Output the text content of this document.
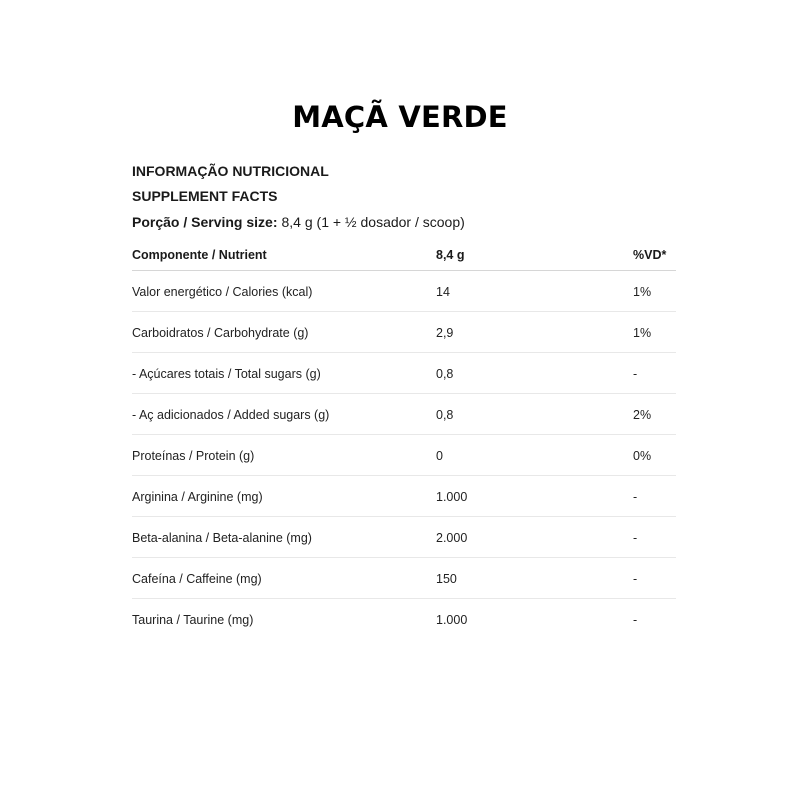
MAÇÃ VERDE
INFORMAÇÃO NUTRICIONAL
SUPPLEMENT FACTS
Porção / Serving size: 8,4 g (1 + ½ dosador / scoop)
Componente / Nutrient	8,4 g	%VD*
Valor energético / Calories (kcal)	14	1%
Carboidratos / Carbohydrate (g)	2,9	1%
- Açúcares totais / Total sugars (g)	0,8	-
- Aç adicionados / Added sugars (g)	0,8	2%
Proteínas / Protein (g)	0	0%
Arginina / Arginine (mg)	1.000	-
Beta-alanina / Beta-alanine (mg)	2.000	-
Cafeína / Caffeine (mg)	150	-
Taurina / Taurine (mg)	1.000	-
